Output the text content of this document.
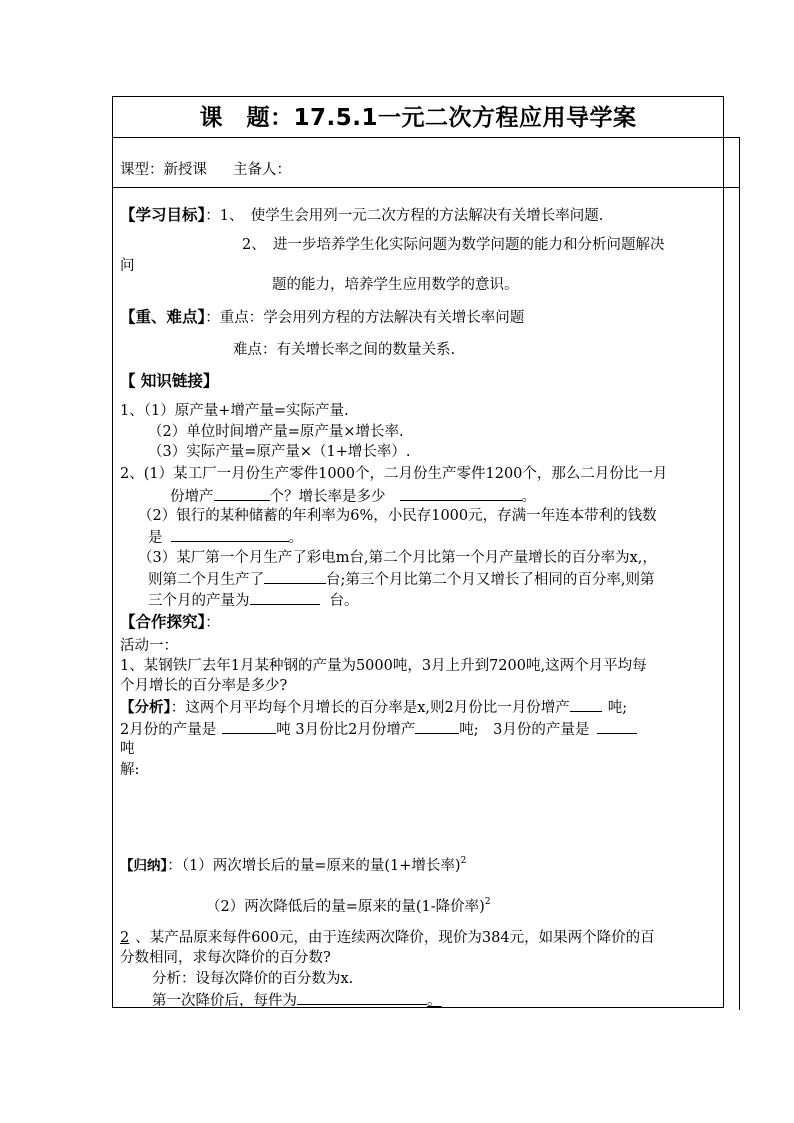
课　题：17.5.1一元二次方程应用导学案
课型：新授课 主备人：
【学习目标】：1、　使学生会用列一元二次方程的方法解决有关增长率问题.
2、　进一步培养学生化实际问题为数学问题的能力和分析问题解决
问
题的能力，培养学生应用数学的意识。
【重、难点】：重点：学会用列方程的方法解决有关增长率问题
难点：有关增长率之间的数量关系.
【 知识链接】
1、（1）原产量+增产量=实际产量.
（2）单位时间增产量=原产量×增长率.
（3）实际产量=原产量×（1+增长率）.
2、(1）某工厂一月份生产零件1000个，二月份生产零件1200个，那么二月份比一月
份增产	个？增长率是多少	。
（2）银行的某种储蓄的年利率为6%，小民存1000元，存满一年连本带利的钱数
是	。
（3）某厂第一个月生产了彩电m台,第二个月比第一个月产量增长的百分率为x,，
则第二个月生产了	台;第三个月比第二个月又增长了相同的百分率,则第
三个月的产量为	台。
【合作探究】：
活动一：
1、某钢铁厂去年1月某种钢的产量为5000吨，3月上升到7200吨,这两个月平均每
个月增长的百分率是多少?
【分析】：这两个月平均每个月增长的百分率是x,则2月份比一月份增产	吨;
2月份的产量是	吨 3月份比2月份增产	吨;　3月份的产量是
吨
解:
【归纳】：（1）两次增长后的量=原来的量(1+增长率)$^2$
（2）两次降低后的量=原来的量(1-降价率)$^2$
2 、某产品原来每件600元，由于连续两次降价，现价为384元，如果两个降价的百
分数相同，求每次降价的百分数?
分析：设每次降价的百分数为x.
第一次降价后，每件为	。
